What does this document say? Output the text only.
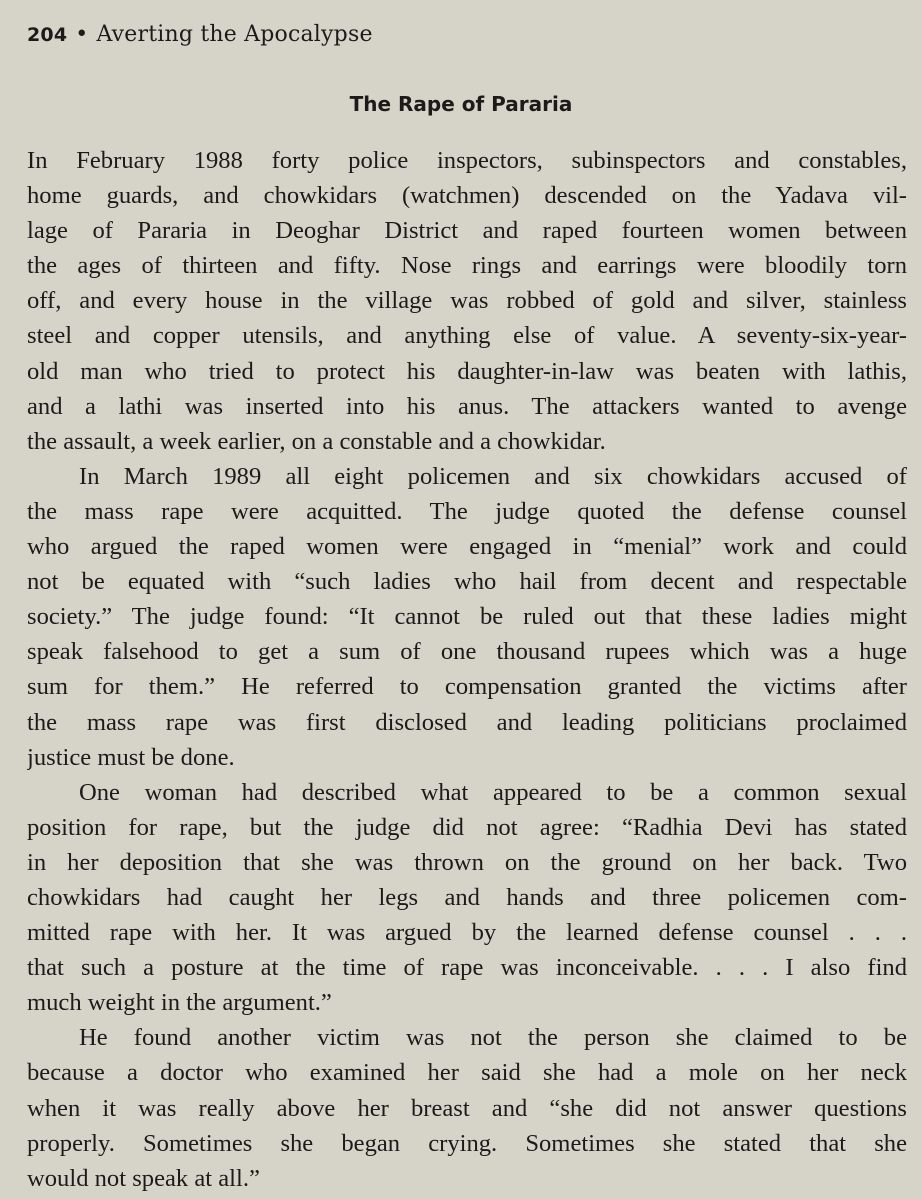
204 • Averting the Apocalypse
The Rape of Pararia

In February 1988 forty police inspectors, subinspectors and constables,
home guards, and chowkidars (watchmen) descended on the Yadava vil-
lage of Pararia in Deoghar District and raped fourteen women between
the ages of thirteen and fifty. Nose rings and earrings were bloodily torn
off, and every house in the village was robbed of gold and silver, stainless
steel and copper utensils, and anything else of value. A seventy-six-year-
old man who tried to protect his daughter-in-law was beaten with lathis,
and a lathi was inserted into his anus. The attackers wanted to avenge
the assault, a week earlier, on a constable and a chowkidar.

In March 1989 all eight policemen and six chowkidars accused of
the mass rape were acquitted. The judge quoted the defense counsel
who argued the raped women were engaged in “menial” work and could
not be equated with “such ladies who hail from decent and respectable
society.” The judge found: “It cannot be ruled out that these ladies might
speak falsehood to get a sum of one thousand rupees which was a huge
sum for them.” He referred to compensation granted the victims after
the mass rape was first disclosed and leading politicians proclaimed
justice must be done.

One woman had described what appeared to be a common sexual
position for rape, but the judge did not agree: “Radhia Devi has stated
in her deposition that she was thrown on the ground on her back. Two
chowkidars had caught her legs and hands and three policemen com-
mitted rape with her. It was argued by the learned defense counsel . . .
that such a posture at the time of rape was inconceivable. . . . I also find
much weight in the argument.”

He found another victim was not the person she claimed to be
because a doctor who examined her said she had a mole on her neck
when it was really above her breast and “she did not answer questions
properly. Sometimes she began crying. Sometimes she stated that she
would not speak at all.”
